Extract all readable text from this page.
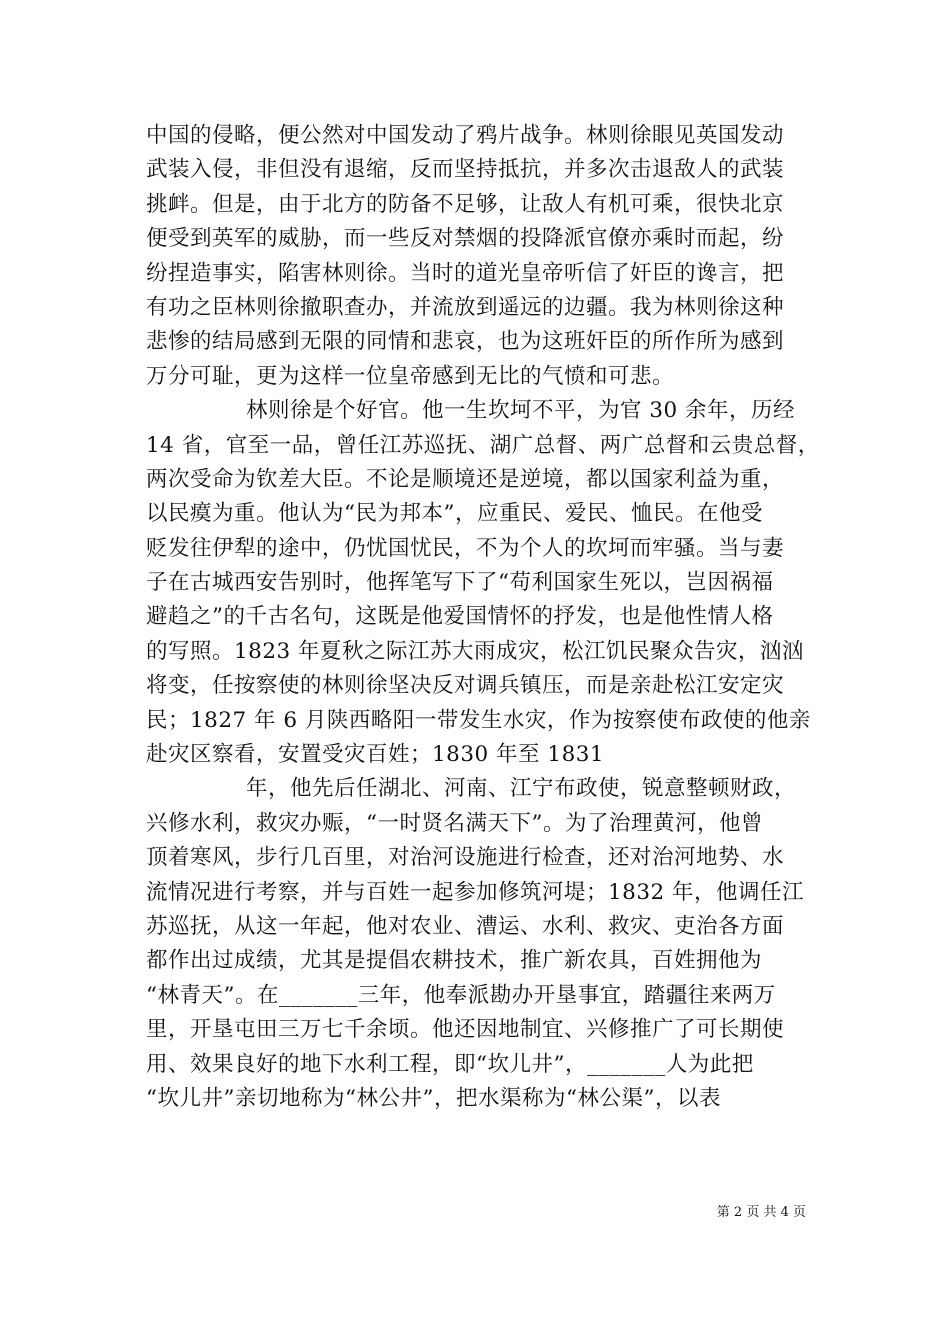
中国的侵略，便公然对中国发动了鸦片战争。林则徐眼见英国发动
武装入侵，非但没有退缩，反而坚持抵抗，并多次击退敌人的武装
挑衅。但是，由于北方的防备不足够，让敌人有机可乘，很快北京
便受到英军的威胁，而一些反对禁烟的投降派官僚亦乘时而起，纷
纷捏造事实，陷害林则徐。当时的道光皇帝听信了奸臣的谗言，把
有功之臣林则徐撤职查办，并流放到遥远的边疆。我为林则徐这种
悲惨的结局感到无限的同情和悲哀，也为这班奸臣的所作所为感到
万分可耻，更为这样一位皇帝感到无比的气愤和可悲。
林则徐是个好官。他一生坎坷不平，为官 30 余年，历经
14 省，官至一品，曾任江苏巡抚、湖广总督、两广总督和云贵总督，
两次受命为钦差大臣。不论是顺境还是逆境，都以国家利益为重，
以民瘼为重。他认为“民为邦本”，应重民、爱民、恤民。在他受
贬发往伊犁的途中，仍忧国忧民，不为个人的坎坷而牢骚。当与妻
子在古城西安告别时，他挥笔写下了“苟利国家生死以，岂因祸福
避趋之”的千古名句，这既是他爱国情怀的抒发，也是他性情人格
的写照。1823 年夏秋之际江苏大雨成灾，松江饥民聚众告灾，汹汹
将变，任按察使的林则徐坚决反对调兵镇压，而是亲赴松江安定灾
民；1827 年 6 月陕西略阳一带发生水灾，作为按察使布政使的他亲
赴灾区察看，安置受灾百姓；1830 年至 1831
年，他先后任湖北、河南、江宁布政使，锐意整顿财政，
兴修水利，救灾办赈，“一时贤名满天下”。为了治理黄河，他曾
顶着寒风，步行几百里，对治河设施进行检查，还对治河地势、水
流情况进行考察，并与百姓一起参加修筑河堤；1832 年，他调任江
苏巡抚，从这一年起，他对农业、漕运、水利、救灾、吏治各方面
都作出过成绩，尤其是提倡农耕技术，推广新农具，百姓拥他为
“林青天”。在_______三年，他奉派勘办开垦事宜，踏疆往来两万
里，开垦屯田三万七千余顷。他还因地制宜、兴修推广了可长期使
用、效果良好的地下水利工程，即“坎儿井”，_______人为此把
“坎儿井”亲切地称为“林公井”，把水渠称为“林公渠”，以表
第 2 页 共 4 页
